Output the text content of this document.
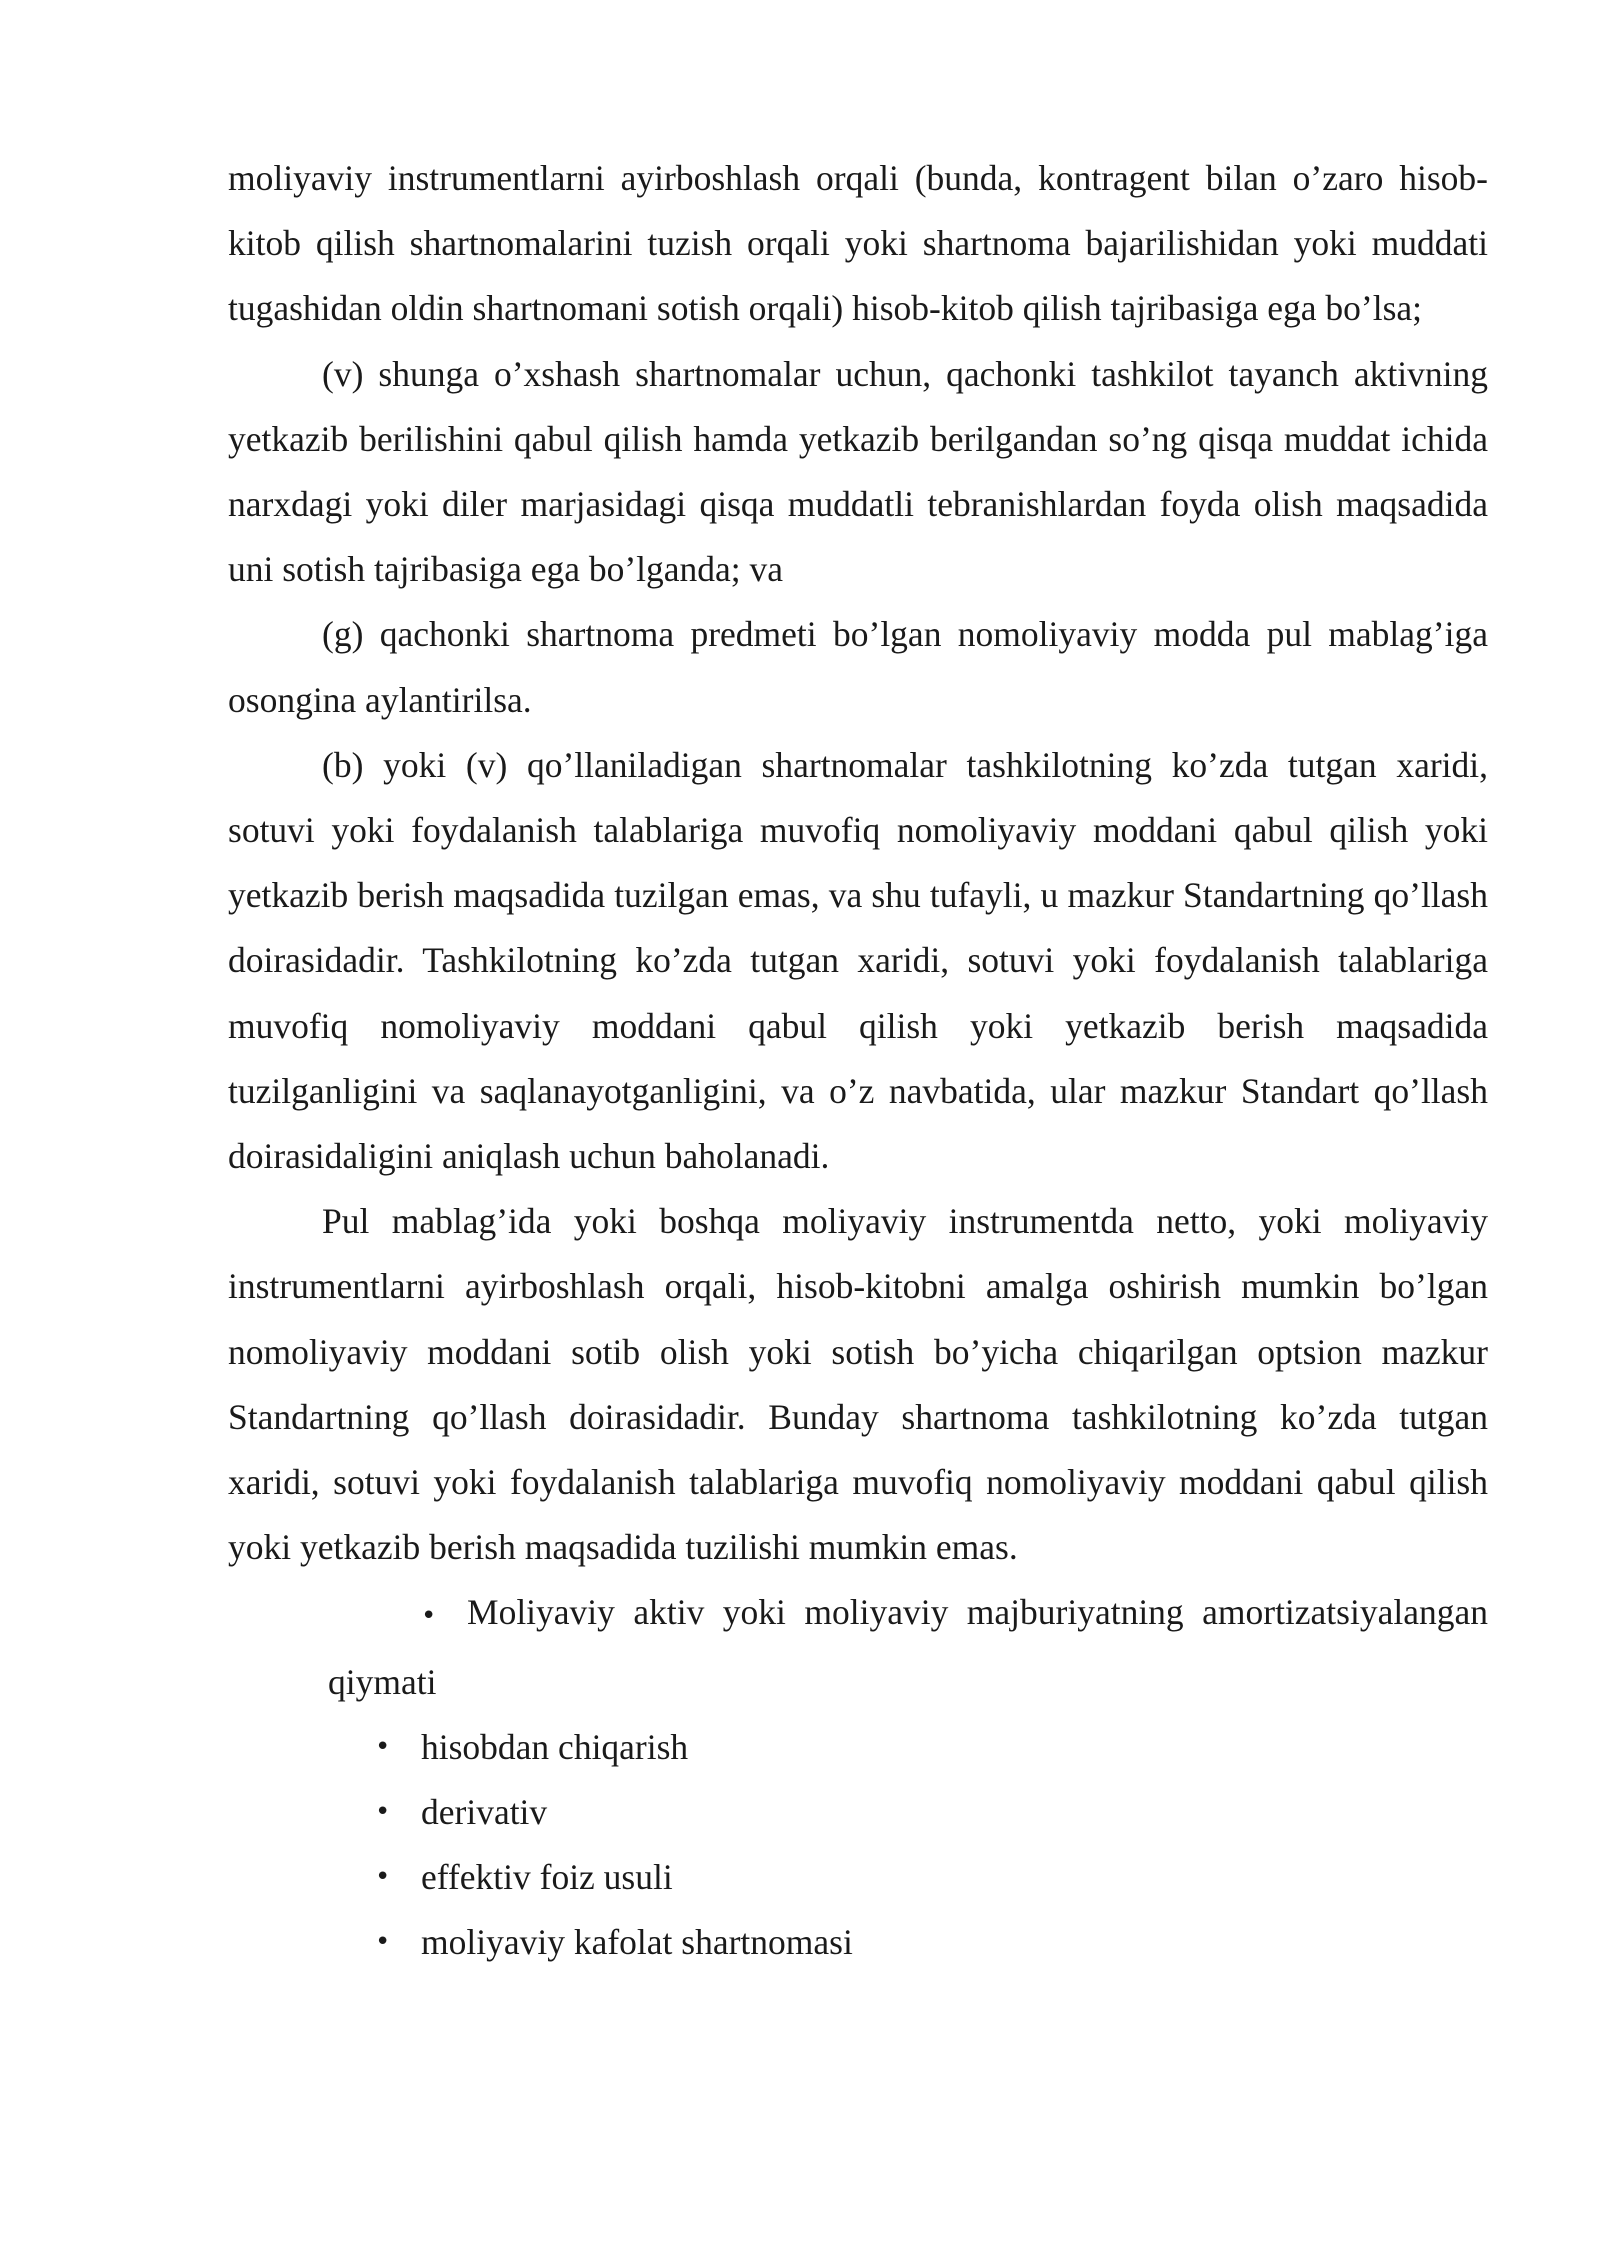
moliyaviy instrumentlarni ayirboshlash orqali (bunda, kontragent bilan o’zaro hisob-kitob qilish shartnomalarini tuzish orqali yoki shartnoma bajarilishidan yoki muddati tugashidan oldin shartnomani sotish orqali) hisob-kitob qilish tajribasiga ega bo’lsa;

(v) shunga o’xshash shartnomalar uchun, qachonki tashkilot tayanch aktivning yetkazib berilishini qabul qilish hamda yetkazib berilgandan so’ng qisqa muddat ichida narxdagi yoki diler marjasidagi qisqa muddatli tebranishlardan foyda olish maqsadida uni sotish tajribasiga ega bo’lganda; va

(g) qachonki shartnoma predmeti bo’lgan nomoliyaviy modda pul mablag’iga osongina aylantirilsa.

(b) yoki (v) qo’llaniladigan shartnomalar tashkilotning ko’zda tutgan xaridi, sotuvi yoki foydalanish talablariga muvofiq nomoliyaviy moddani qabul qilish yoki yetkazib berish maqsadida tuzilgan emas, va shu tufayli, u mazkur Standartning qo’llash doirasidadir. Tashkilotning ko’zda tutgan xaridi, sotuvi yoki foydalanish talablariga muvofiq nomoliyaviy moddani qabul qilish yoki yetkazib berish maqsadida tuzilganligini va saqlanayotganligini, va o’z navbatida, ular mazkur Standart qo’llash doirasidaligini aniqlash uchun baholanadi.

Pul mablag’ida yoki boshqa moliyaviy instrumentda netto, yoki moliyaviy instrumentlarni ayirboshlash orqali, hisob-kitobni amalga oshirish mumkin bo’lgan nomoliyaviy moddani sotib olish yoki sotish bo’yicha chiqarilgan optsion mazkur Standartning qo’llash doirasidadir. Bunday shartnoma tashkilotning ko’zda tutgan xaridi, sotuvi yoki foydalanish talablariga muvofiq nomoliyaviy moddani qabul qilish yoki yetkazib berish maqsadida tuzilishi mumkin emas.

• Moliyaviy aktiv yoki moliyaviy majburiyatning amortizatsiyalangan qiymati
• hisobdan chiqarish
• derivativ
• effektiv foiz usuli
• moliyaviy kafolat shartnomasi
